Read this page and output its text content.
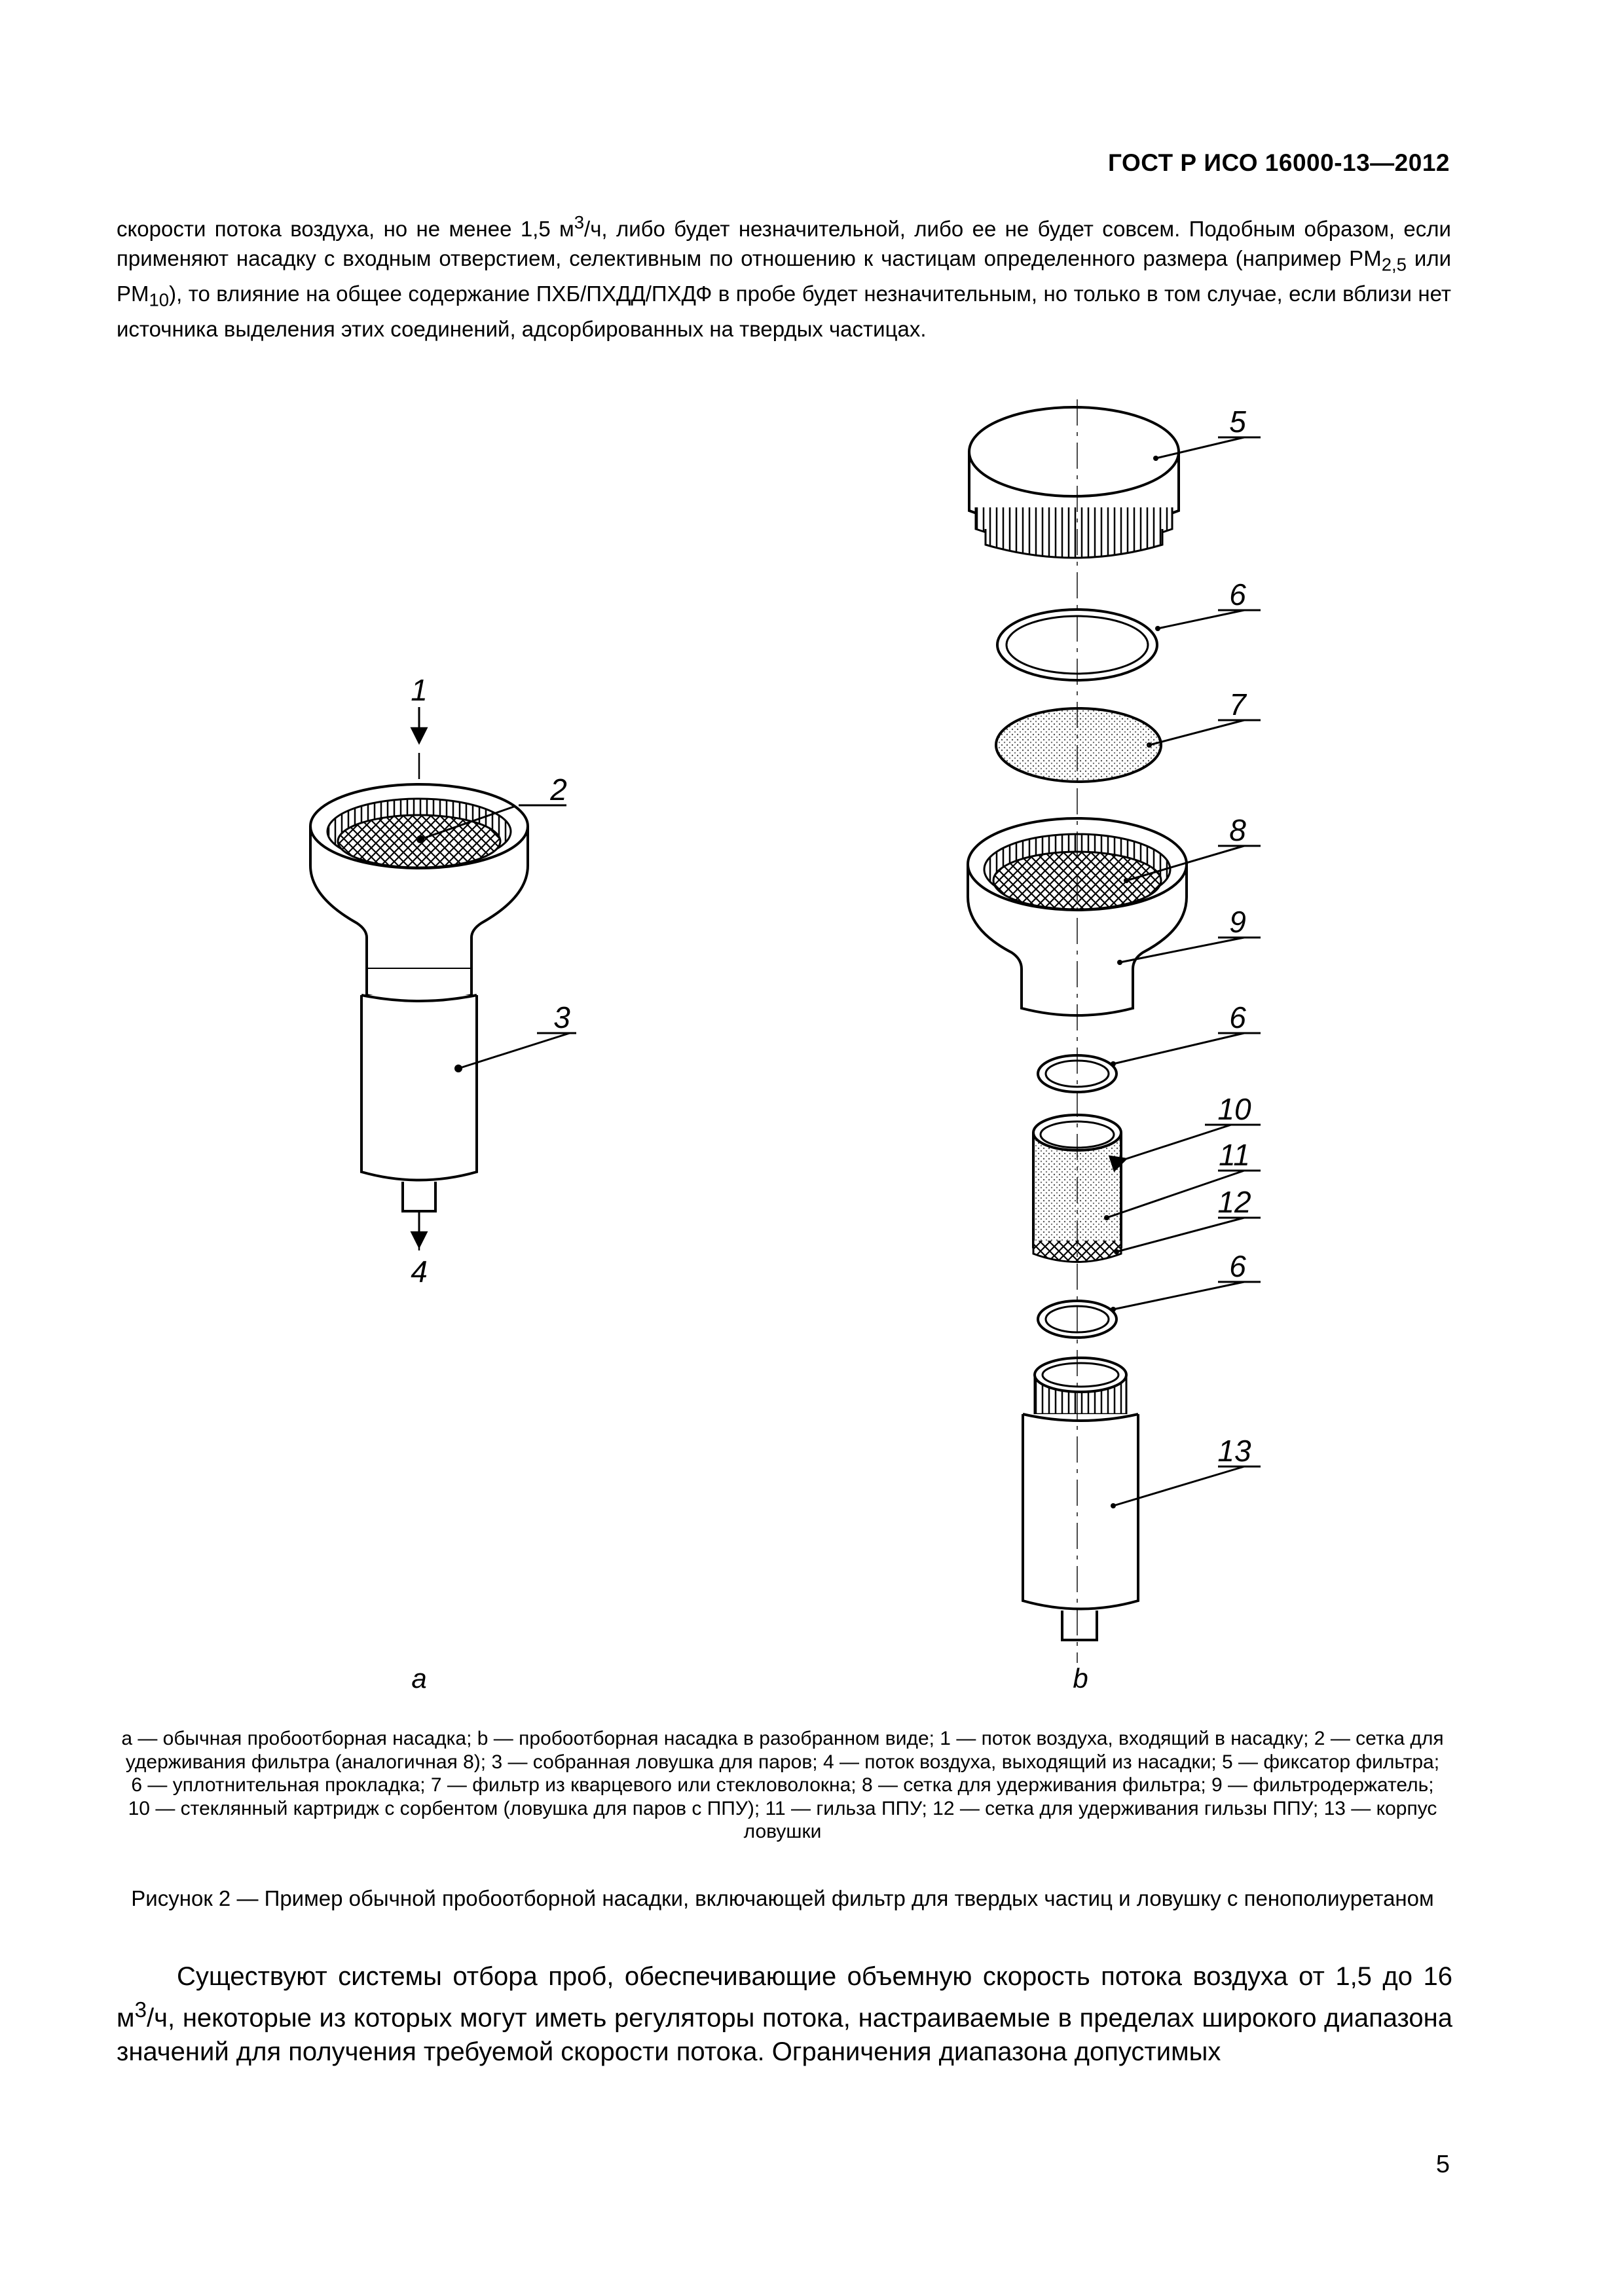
ГОСТ Р ИСО 16000-13—2012

скорости потока воздуха, но не менее 1,5 $м^3/ч$, либо будет незначительной, либо ее не будет совсем. Подобным образом, если применяют насадку с входным отверстием, селективным по отношению к частицам определенного размера (например $PM_{2,5}$ или $PM_{10}$), то влияние на общее содержание ПХБ/ПХДД/ПХДФ в пробе будет незначительным, но только в том случае, если вблизи нет источника выделения этих соединений, адсорбированных на твердых частицах.

1
2
3
4
5
6
7
8
9
6
10
11
12
6
13
a	b
а — обычная пробоотборная насадка; b — пробоотборная насадка в разобранном виде; 1 — поток воздуха, входящий в насадку; 2 — сетка для удерживания фильтра (аналогичная 8); 3 — собранная ловушка для паров; 4 — поток воздуха, выходящий из насадки; 5 — фиксатор фильтра; 6 — уплотнительная прокладка; 7 — фильтр из кварцевого или стекловолокна; 8 — сетка для удерживания фильтра; 9 — фильтродержатель; 10 — стеклянный картридж с сорбентом (ловушка для паров с ППУ); 11 — гильза ППУ; 12 — сетка для удерживания гильзы ППУ; 13 — корпус ловушки
Рисунок 2 — Пример обычной пробоотборной насадки, включающей фильтр для твердых частиц и ловушку с пенополиуретаном

Существуют системы отбора проб, обеспечивающие объемную скорость потока воздуха от 1,5 до 16 $м^3/ч$, некоторые из которых могут иметь регуляторы потока, настраиваемые в пределах широкого диапазона значений для получения требуемой скорости потока. Ограничения диапазона допустимых

5
